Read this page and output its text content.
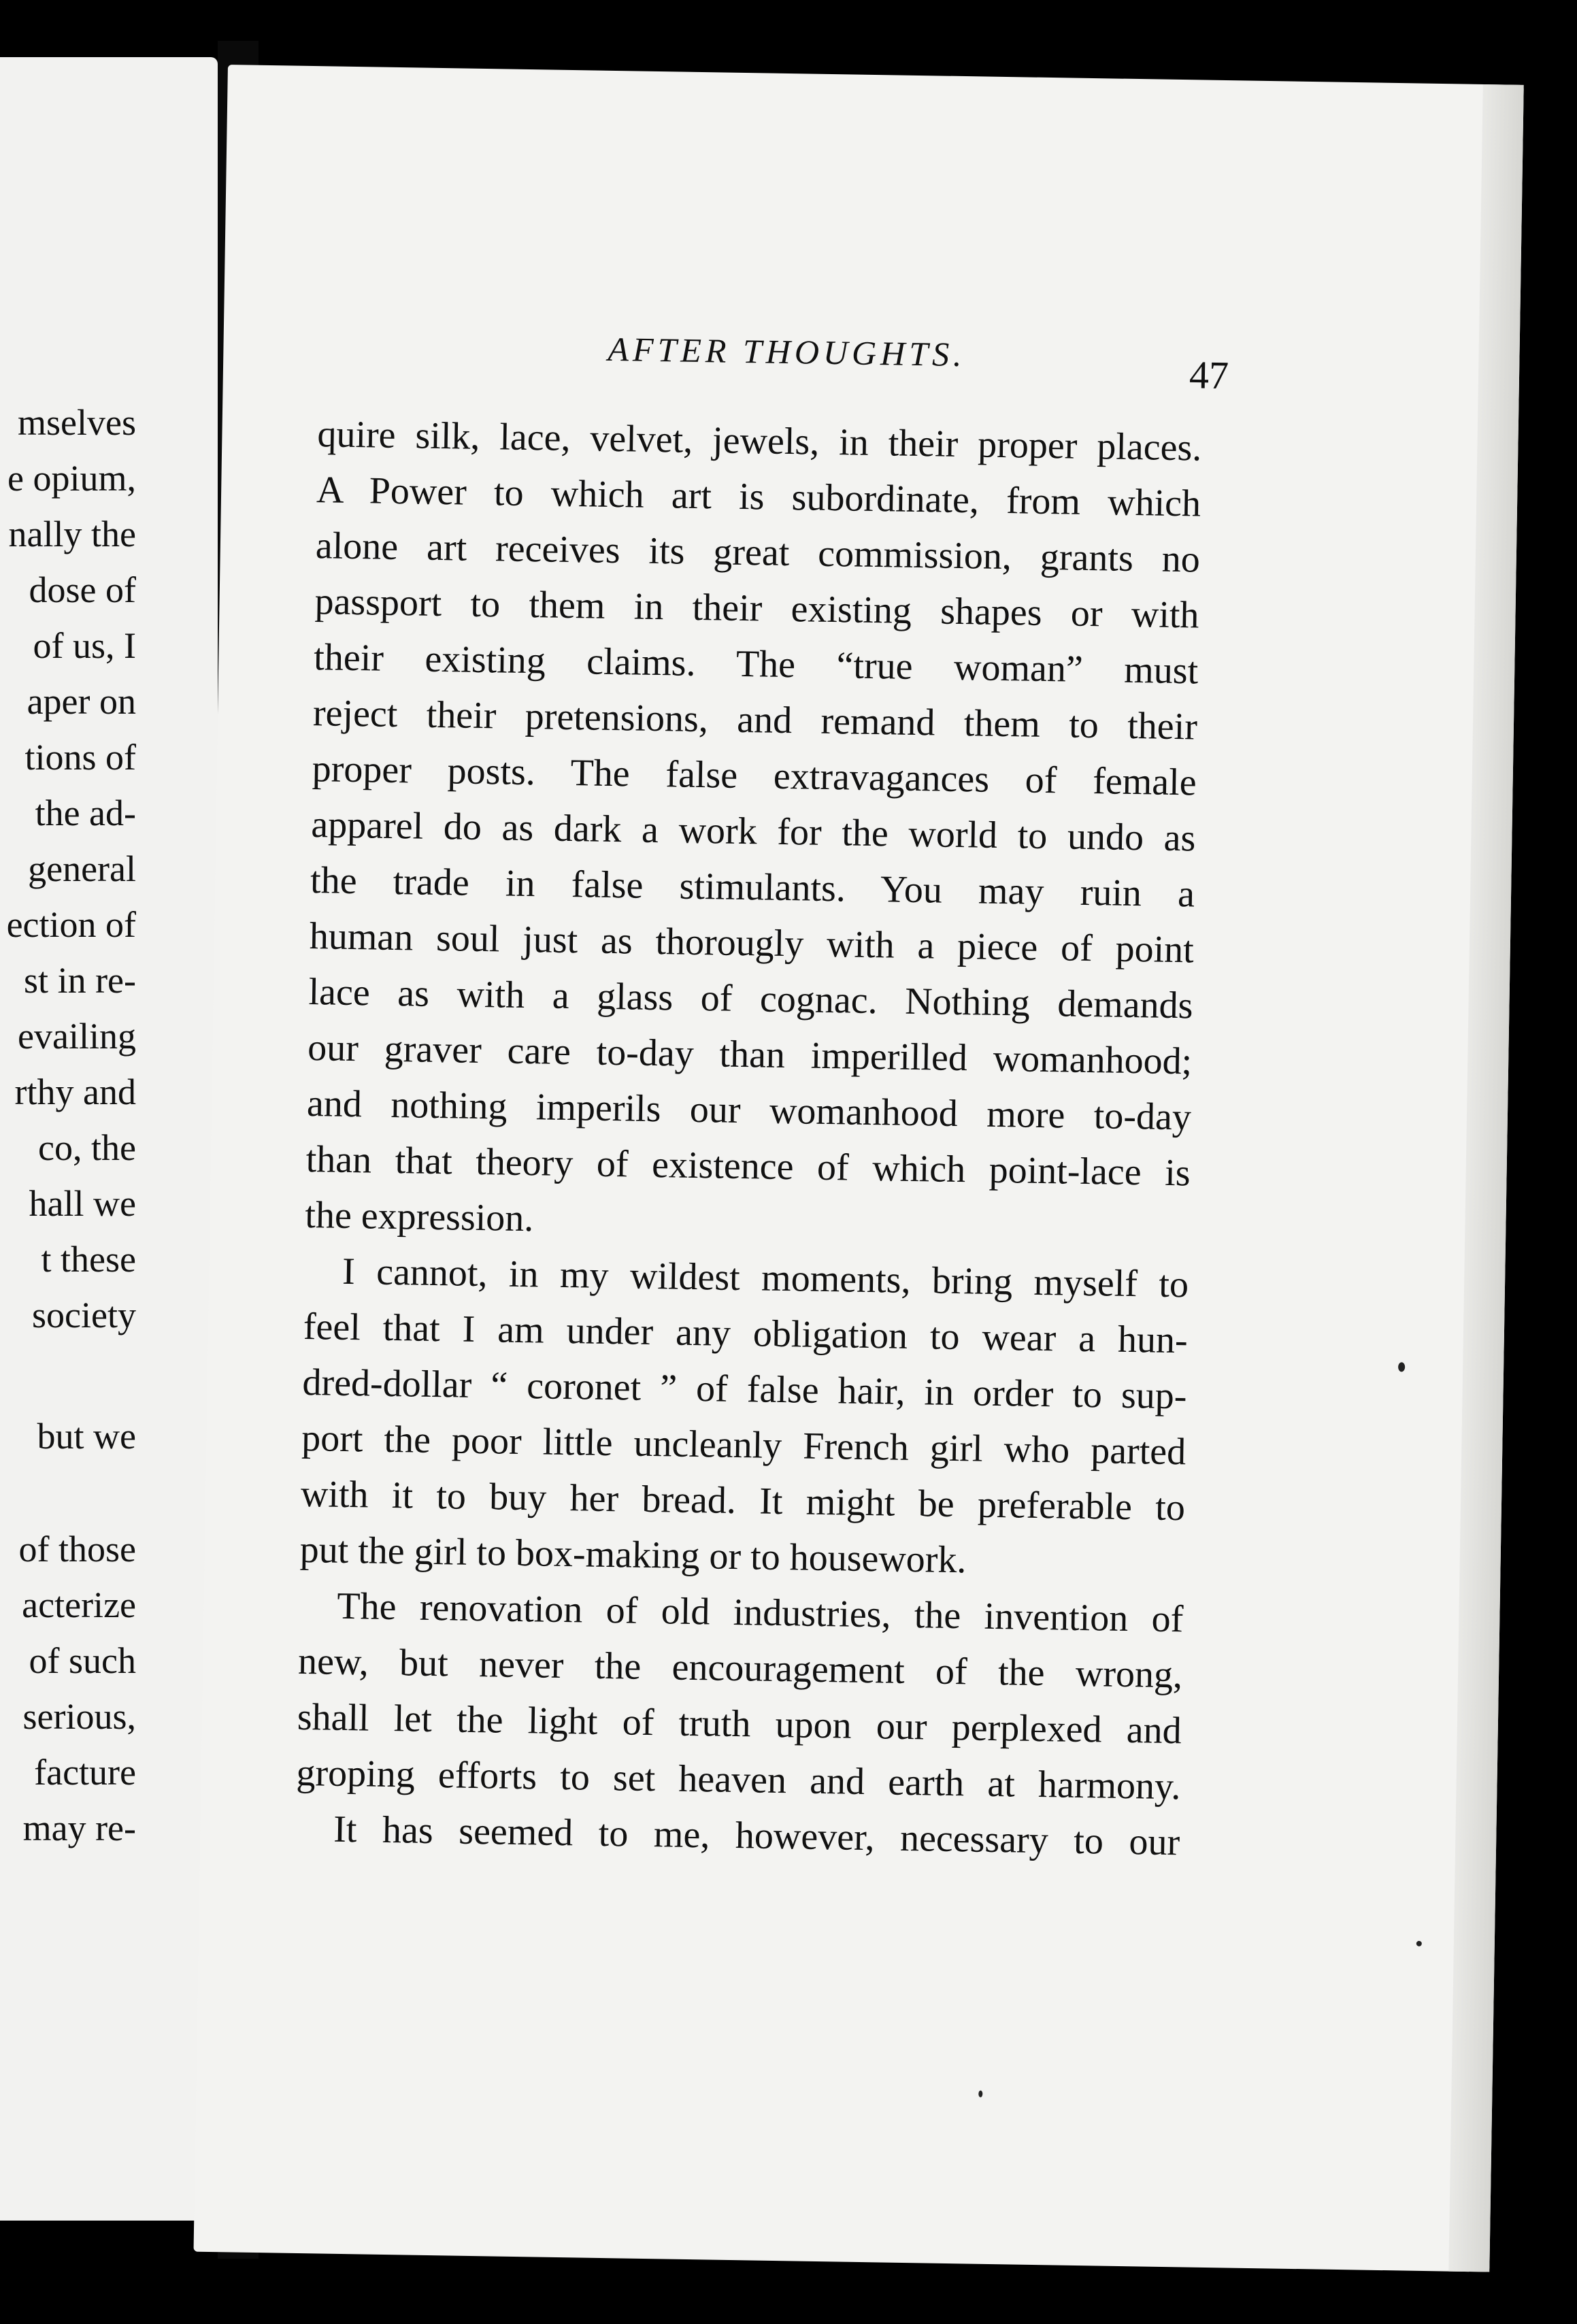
mselves
e opium,
nally the
dose of
of us, I
aper on
tions of
the ad-
general
ection of
st in re-
evailing
rthy and
co, the
hall we
t these
society
but we
of those
acterize
of such
serious,
facture
may re-
AFTER THOUGHTS.
47
quire silk, lace, velvet, jewels, in their proper places.
A Power to which art is subordinate, from which
alone art receives its great commission, grants no
passport to them in their existing shapes or with
their existing claims. The “true woman” must
reject their pretensions, and remand them to their
proper posts. The false extravagances of female
apparel do as dark a work for the world to undo as
the trade in false stimulants. You may ruin a
human soul just as thorougly with a piece of point
lace as with a glass of cognac. Nothing demands
our graver care to-day than imperilled womanhood;
and nothing imperils our womanhood more to-day
than that theory of existence of which point-lace is
the expression.
I cannot, in my wildest moments, bring myself to
feel that I am under any obligation to wear a hun-
dred-dollar “ coronet ” of false hair, in order to sup-
port the poor little uncleanly French girl who parted
with it to buy her bread. It might be preferable to
put the girl to box-making or to housework.
The renovation of old industries, the invention of
new, but never the encouragement of the wrong,
shall let the light of truth upon our perplexed and
groping efforts to set heaven and earth at harmony.
It has seemed to me, however, necessary to our
